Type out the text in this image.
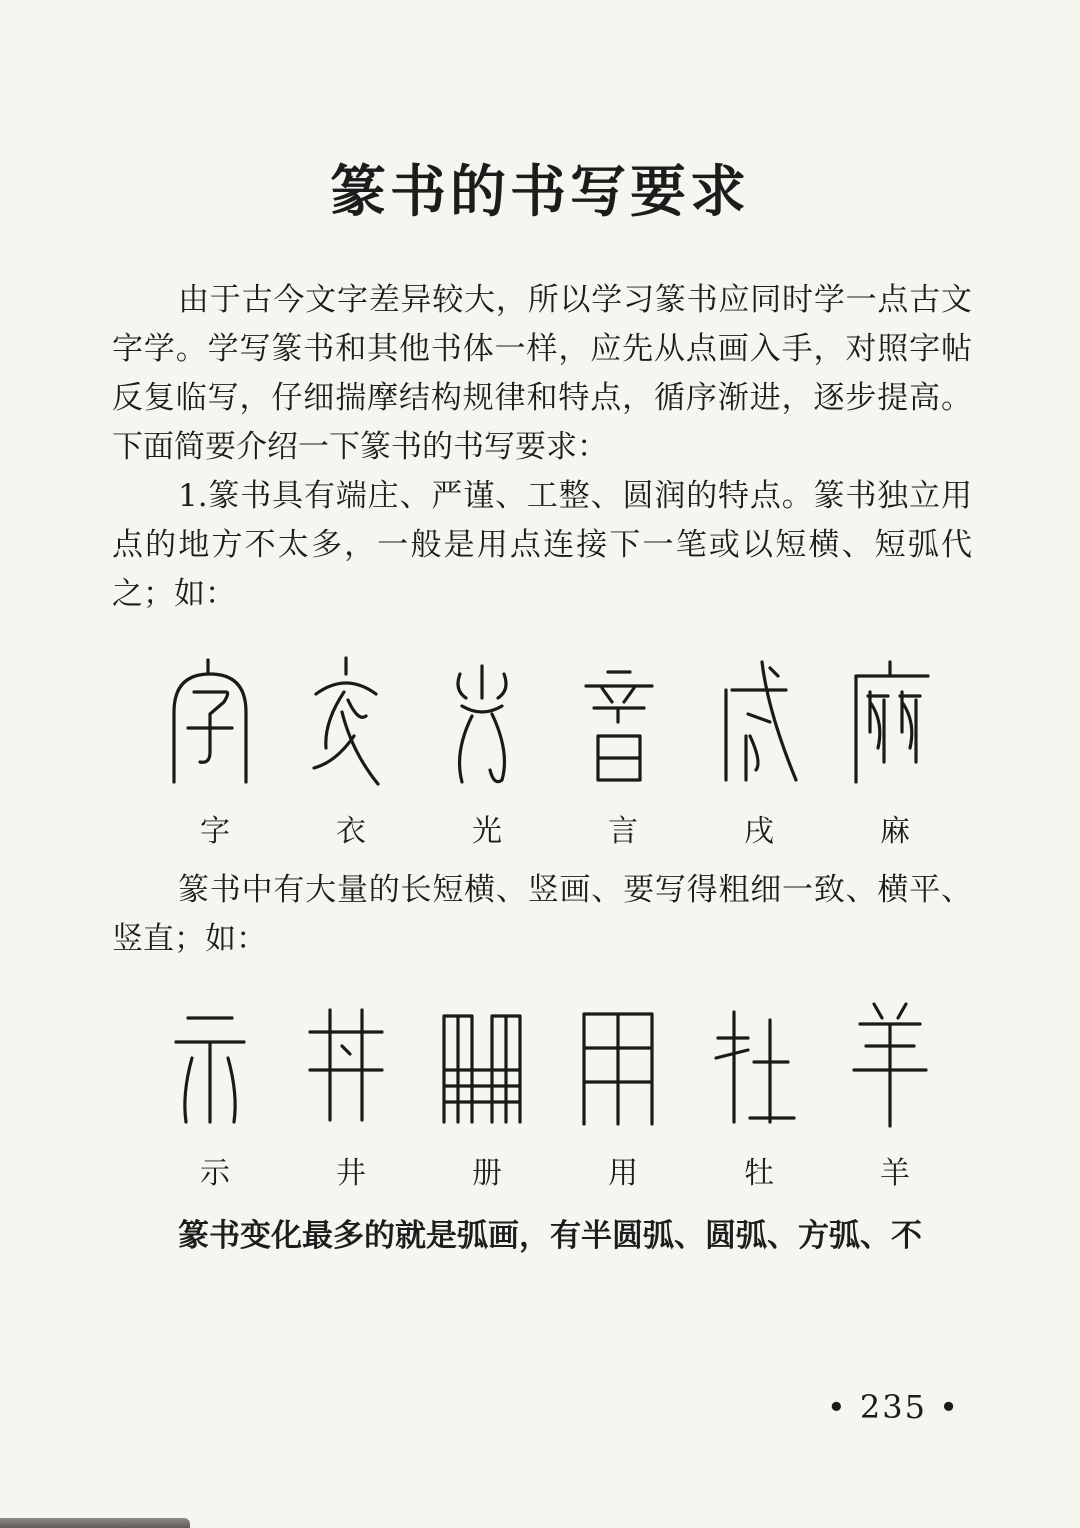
篆书的书写要求

由于古今文字差异较大，所以学习篆书应同时学一点古文字学。学写篆书和其他书体一样，应先从点画入手，对照字帖反复临写，仔细揣摩结构规律和特点，循序渐进，逐步提高。下面简要介绍一下篆书的书写要求：

1.篆书具有端庄、严谨、工整、圆润的特点。篆书独立用点的地方不太多，一般是用点连接下一笔或以短横、短弧代之；如：

字	衣	光	言	戌	麻

篆书中有大量的长短横、竖画、要写得粗细一致、横平、竖直；如：

示	井	册	用	牡	羊

篆书变化最多的就是弧画，有半圆弧、圆弧、方弧、不

• 235 •
